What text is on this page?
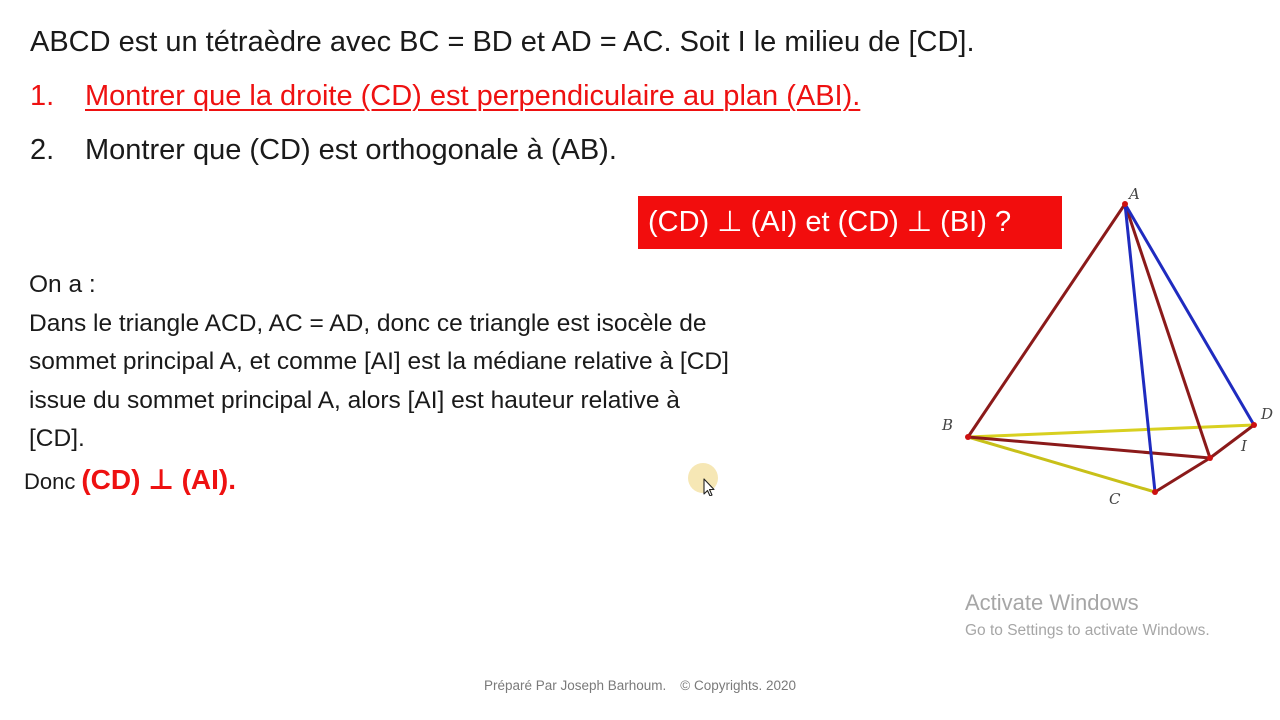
ABCD est un tétraèdre avec BC = BD et AD = AC. Soit I le milieu de [CD].
1. Montrer que la droite (CD) est perpendiculaire au plan (ABI).
2. Montrer que (CD) est orthogonale à (AB).
(CD) ⊥ (AI) et (CD) ⊥ (BI) ?
On a :
Dans le triangle ACD, AC = AD, donc ce triangle est isocèle de
sommet principal A, et comme [AI] est la médiane relative à [CD]
issue du sommet principal A, alors [AI] est hauteur relative à
[CD].
Donc (CD) ⊥ (AI).
A
B
C
D
I
Activate Windows
Go to Settings to activate Windows.
Préparé Par Joseph Barhoum. © Copyrights. 2020
